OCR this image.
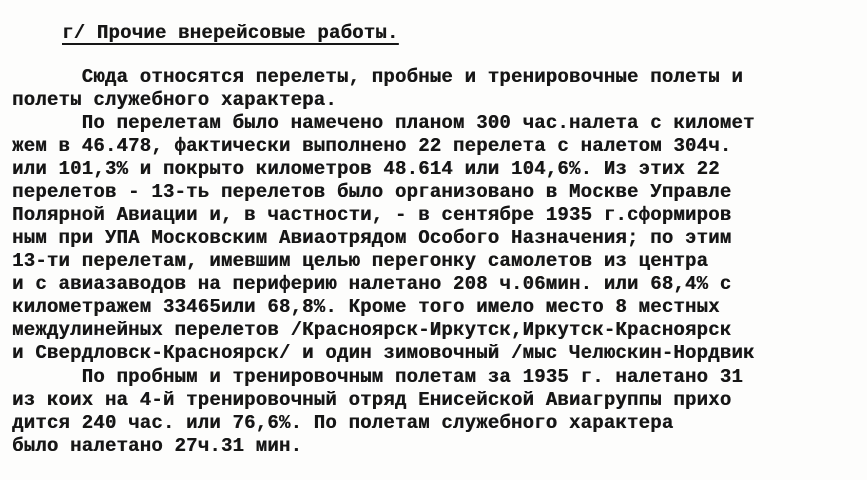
г/ Прочие внерейсовые работы.
Сюда относятся перелеты, пробные и тренировочные полеты и
полеты служебного характера.
По перелетам было намечено планом 300 час.налета с километ
жем в 46.478, фактически выполнено 22 перелета с налетом 304ч.
или 101,3% и покрыто километров 48.614 или 104,6%. Из этих 22
перелетов - 13-ть перелетов было организовано в Москве Управле
Полярной Авиации и, в частности, - в сентябре 1935 г.сформиров
ным при УПА Московским Авиаотрядом Особого Назначения; по этим
13-ти перелетам, имевшим целью перегонку самолетов из центра
и с авиазаводов на периферию налетано 208 ч.06мин. или 68,4% с
километражем 33465или 68,8%. Кроме того имело место 8 местных
междулинейных перелетов /Красноярск-Иркутск,Иркутск-Красноярск
и Свердловск-Красноярск/ и один зимовочный /мыс Челюскин-Нордвик
По пробным и тренировочным полетам за 1935 г. налетано 31
из коих на 4-й тренировочный отряд Енисейской Авиагруппы прихо
дится 240 час. или 76,6%. По полетам служебного характера
было налетано 27ч.31 мин.
